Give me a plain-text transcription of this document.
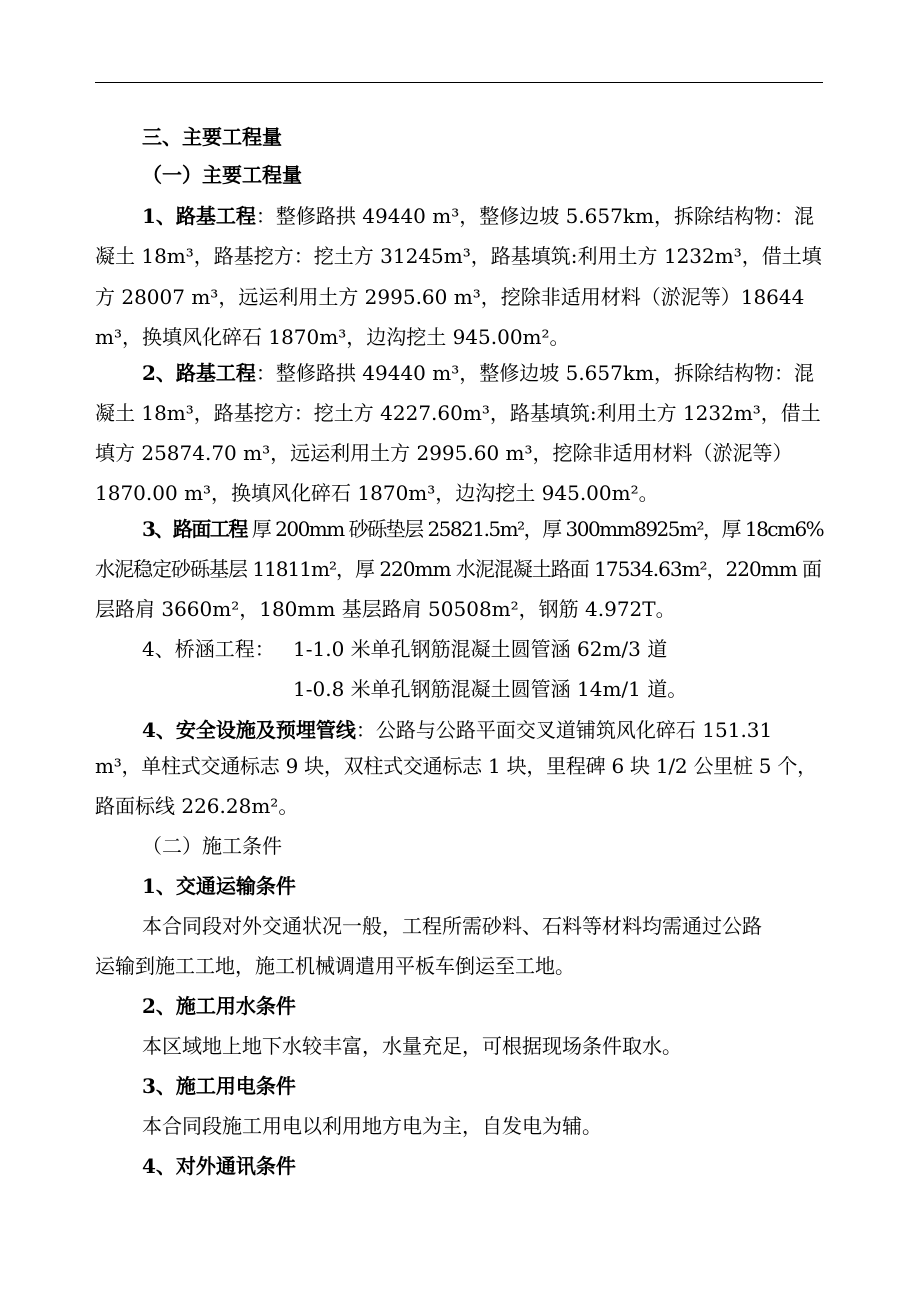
三、主要工程量
（一）主要工程量
1、路基工程：整修路拱 49440 m³，整修边坡 5.657km，拆除结构物：混
凝土 18m³，路基挖方：挖土方 31245m³，路基填筑:利用土方 1232m³，借土填
方 28007 m³，远运利用土方 2995.60 m³，挖除非适用材料（淤泥等）18644
m³，换填风化碎石 1870m³，边沟挖土 945.00m²。
2、路基工程：整修路拱 49440 m³，整修边坡 5.657km，拆除结构物：混
凝土 18m³，路基挖方：挖土方 4227.60m³，路基填筑:利用土方 1232m³，借土
填方 25874.70 m³，远运利用土方 2995.60 m³，挖除非适用材料（淤泥等）
1870.00 m³，换填风化碎石 1870m³，边沟挖土 945.00m²。
3、路面工程 厚 200mm 砂砾垫层 25821.5m²，厚 300mm8925m²，厚 18cm6%
水泥稳定砂砾基层 11811m²，厚 220mm 水泥混凝土路面 17534.63m²，220mm 面
层路肩 3660m²，180mm 基层路肩 50508m²，钢筋 4.972T。
4、桥涵工程： 1-1.0 米单孔钢筋混凝土圆管涵 62m/3 道
1-0.8 米单孔钢筋混凝土圆管涵 14m/1 道。
4、安全设施及预埋管线：公路与公路平面交叉道铺筑风化碎石 151.31
m³，单柱式交通标志 9 块，双柱式交通标志 1 块，里程碑 6 块 1/2 公里桩 5 个，
路面标线 226.28m²。
（二）施工条件
1、交通运输条件
本合同段对外交通状况一般，工程所需砂料、石料等材料均需通过公路
运输到施工工地，施工机械调遣用平板车倒运至工地。
2、施工用水条件
本区域地上地下水较丰富，水量充足，可根据现场条件取水。
3、施工用电条件
本合同段施工用电以利用地方电为主，自发电为辅。
4、对外通讯条件
